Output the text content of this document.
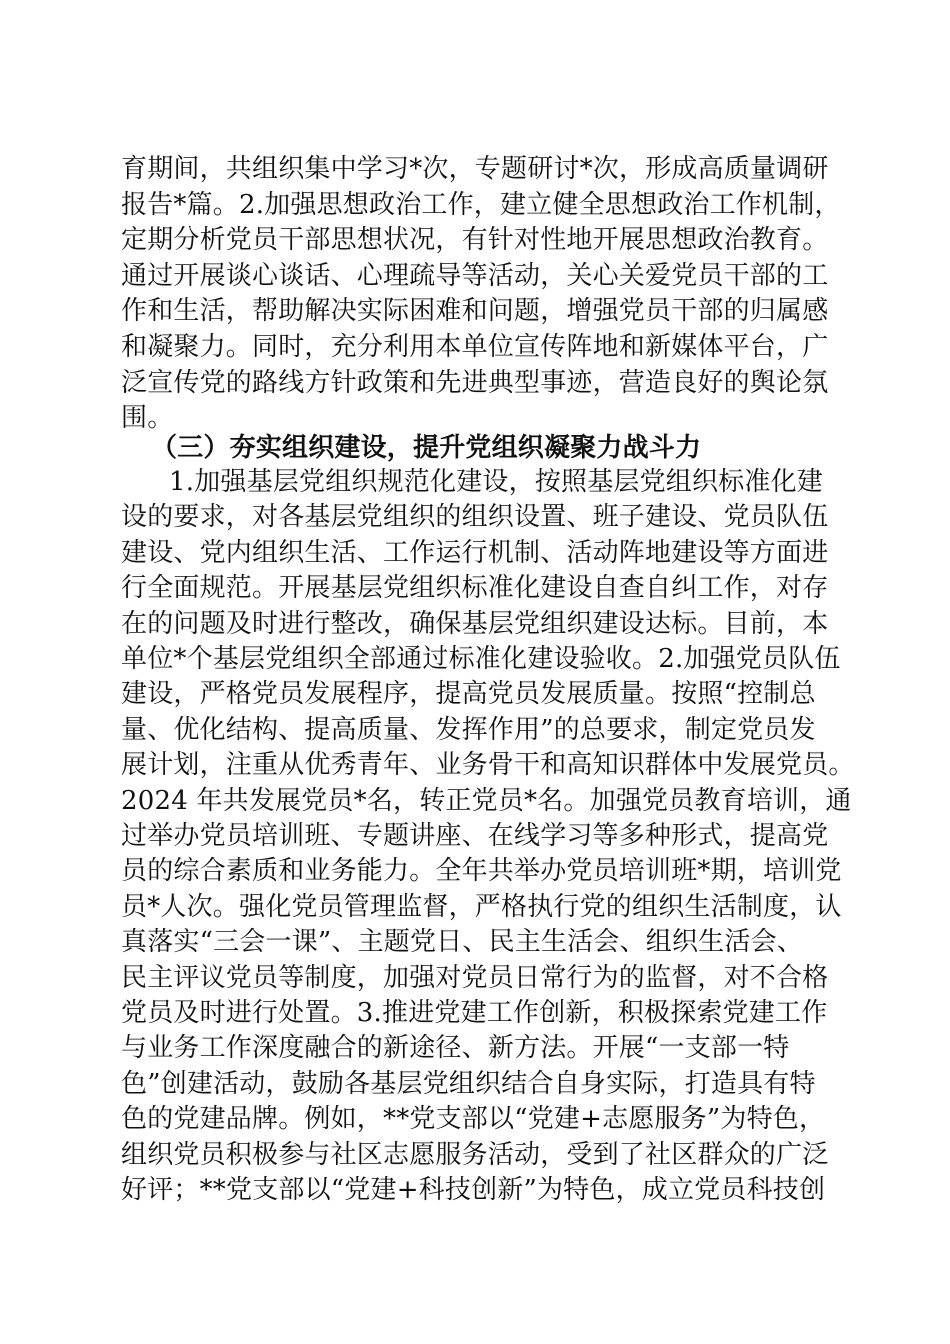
育期间，共组织集中学习*次，专题研讨*次，形成高质量调研
报告*篇。2.加强思想政治工作，建立健全思想政治工作机制，
定期分析党员干部思想状况，有针对性地开展思想政治教育。
通过开展谈心谈话、心理疏导等活动，关心关爱党员干部的工
作和生活，帮助解决实际困难和问题，增强党员干部的归属感
和凝聚力。同时，充分利用本单位宣传阵地和新媒体平台，广
泛宣传党的路线方针政策和先进典型事迹，营造良好的舆论氛
围。
（三）夯实组织建设，提升党组织凝聚力战斗力
1.加强基层党组织规范化建设，按照基层党组织标准化建
设的要求，对各基层党组织的组织设置、班子建设、党员队伍
建设、党内组织生活、工作运行机制、活动阵地建设等方面进
行全面规范。开展基层党组织标准化建设自查自纠工作，对存
在的问题及时进行整改，确保基层党组织建设达标。目前，本
单位*个基层党组织全部通过标准化建设验收。2.加强党员队伍
建设，严格党员发展程序，提高党员发展质量。按照“控制总
量、优化结构、提高质量、发挥作用”的总要求，制定党员发
展计划，注重从优秀青年、业务骨干和高知识群体中发展党员。
2024 年共发展党员*名，转正党员*名。加强党员教育培训，通
过举办党员培训班、专题讲座、在线学习等多种形式，提高党
员的综合素质和业务能力。全年共举办党员培训班*期，培训党
员*人次。强化党员管理监督，严格执行党的组织生活制度，认
真落实“三会一课”、主题党日、民主生活会、组织生活会、
民主评议党员等制度，加强对党员日常行为的监督，对不合格
党员及时进行处置。3.推进党建工作创新，积极探索党建工作
与业务工作深度融合的新途径、新方法。开展“一支部一特
色”创建活动，鼓励各基层党组织结合自身实际，打造具有特
色的党建品牌。例如，**党支部以“党建+志愿服务”为特色，
组织党员积极参与社区志愿服务活动，受到了社区群众的广泛
好评；**党支部以“党建+科技创新”为特色，成立党员科技创
